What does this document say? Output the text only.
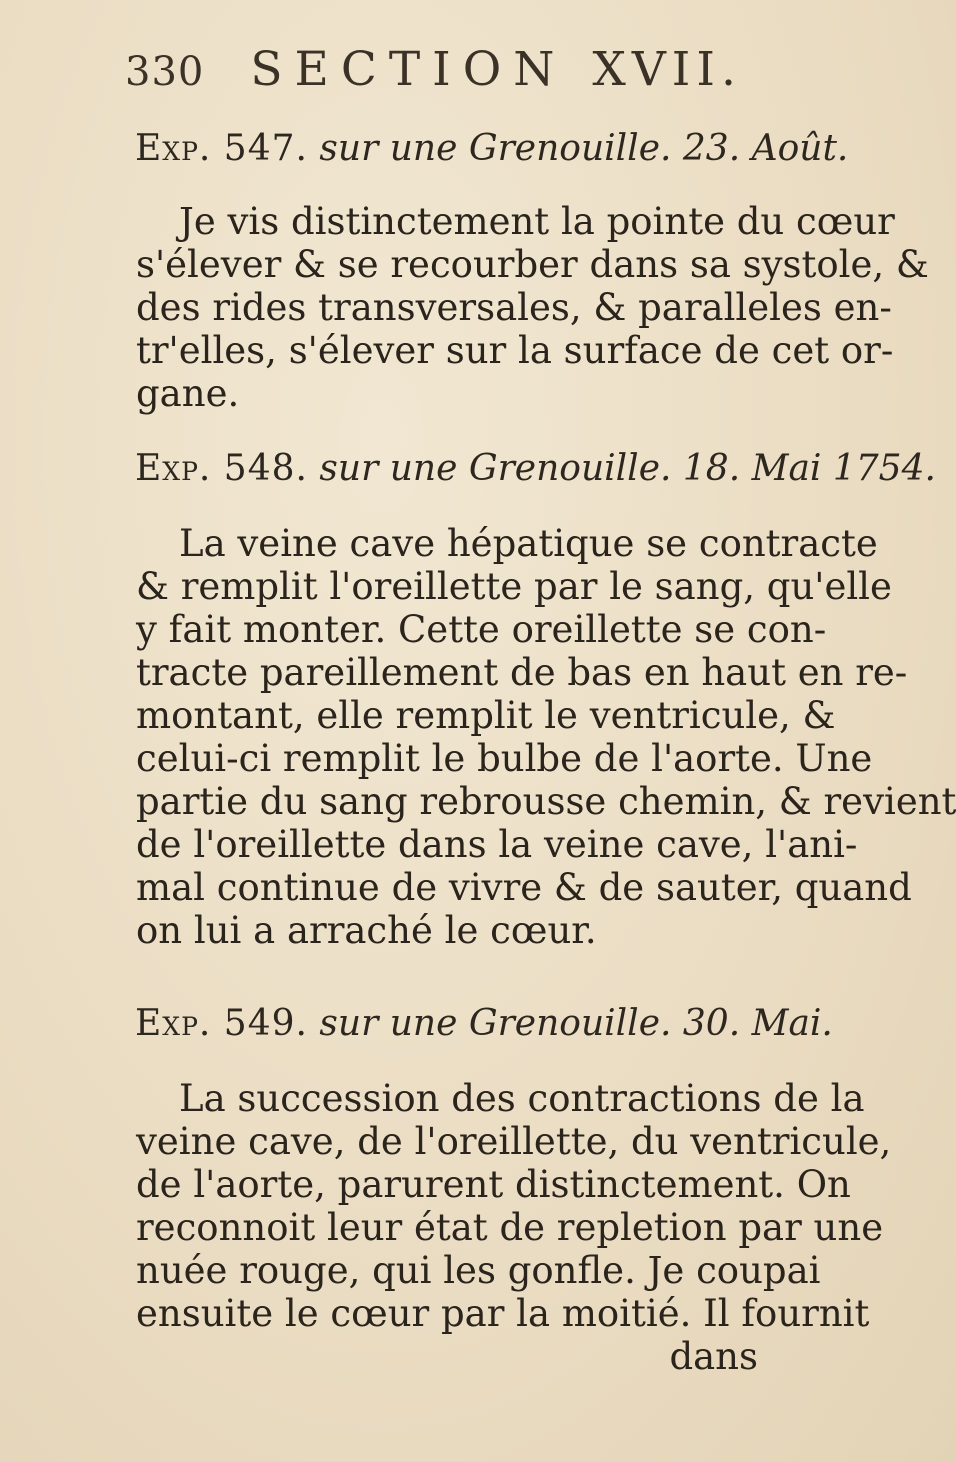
330 SECTION XVII.
Exp. 547. sur une Grenouille. 23. Août.
Je vis distinctement la pointe du cœur
s'élever & se recourber dans sa systole, &
des rides transversales, & paralleles en-
tr'elles, s'élever sur la surface de cet or-
gane.
Exp. 548. sur une Grenouille. 18. Mai 1754.
La veine cave hépatique se contracte
& remplit l'oreillette par le sang, qu'elle
y fait monter. Cette oreillette se con-
tracte pareillement de bas en haut en re-
montant, elle remplit le ventricule, &
celui-ci remplit le bulbe de l'aorte. Une
partie du sang rebrousse chemin, & revient
de l'oreillette dans la veine cave, l'ani-
mal continue de vivre & de sauter, quand
on lui a arraché le cœur.
Exp. 549. sur une Grenouille. 30. Mai.
La succession des contractions de la
veine cave, de l'oreillette, du ventricule,
de l'aorte, parurent distinctement. On
reconnoit leur état de repletion par une
nuée rouge, qui les gonfle. Je coupai
ensuite le cœur par la moitié. Il fournit
dans
